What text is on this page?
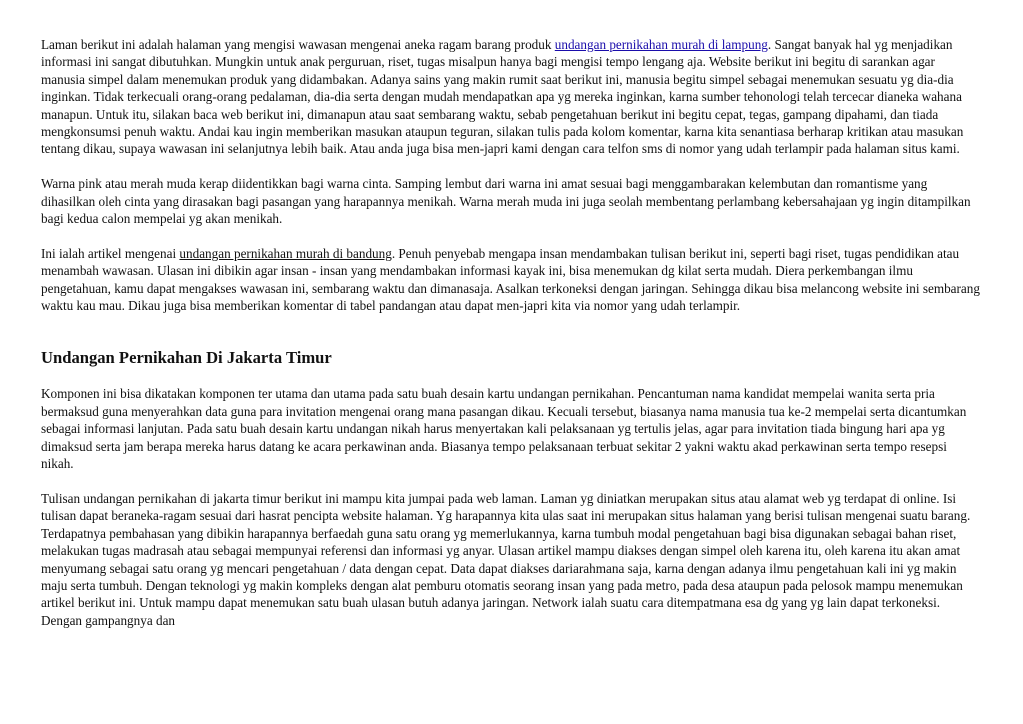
Laman berikut ini adalah halaman yang mengisi wawasan mengenai aneka ragam barang produk undangan pernikahan murah di lampung. Sangat banyak hal yg menjadikan informasi ini sangat dibutuhkan. Mungkin untuk anak perguruan, riset, tugas misalpun hanya bagi mengisi tempo lengang aja. Website berikut ini begitu di sarankan agar manusia simpel dalam menemukan produk yang didambakan. Adanya sains yang makin rumit saat berikut ini, manusia begitu simpel sebagai menemukan sesuatu yg dia-dia inginkan. Tidak terkecuali orang-orang pedalaman, dia-dia serta dengan mudah mendapatkan apa yg mereka inginkan, karna sumber tehonologi telah tercecar dianeka wahana manapun. Untuk itu, silakan baca web berikut ini, dimanapun atau saat sembarang waktu, sebab pengetahuan berikut ini begitu cepat, tegas, gampang dipahami, dan tiada mengkonsumsi penuh waktu. Andai kau ingin memberikan masukan ataupun teguran, silakan tulis pada kolom komentar, karna kita senantiasa berharap kritikan atau masukan tentang dikau, supaya wawasan ini selanjutnya lebih baik. Atau anda juga bisa men-japri kami dengan cara telfon sms di nomor yang udah terlampir pada halaman situs kami.

Warna pink atau merah muda kerap diidentikkan bagi warna cinta. Samping lembut dari warna ini amat sesuai bagi menggambarakan kelembutan dan romantisme yang dihasilkan oleh cinta yang dirasakan bagi pasangan yang harapannya menikah. Warna merah muda ini juga seolah membentang perlambang kebersahajaan yg ingin ditampilkan bagi kedua calon mempelai yg akan menikah.

Ini ialah artikel mengenai undangan pernikahan murah di bandung. Penuh penyebab mengapa insan mendambakan tulisan berikut ini, seperti bagi riset, tugas pendidikan atau menambah wawasan. Ulasan ini dibikin agar insan - insan yang mendambakan informasi kayak ini, bisa menemukan dg kilat serta mudah. Diera perkembangan ilmu pengetahuan, kamu dapat mengakses wawasan ini, sembarang waktu dan dimanasaja. Asalkan terkoneksi dengan jaringan. Sehingga dikau bisa melancong website ini sembarang waktu kau mau. Dikau juga bisa memberikan komentar di tabel pandangan atau dapat men-japri kita via nomor yang udah terlampir.

Undangan Pernikahan Di Jakarta Timur

Komponen ini bisa dikatakan komponen ter utama dan utama pada satu buah desain kartu undangan pernikahan. Pencantuman nama kandidat mempelai wanita serta pria bermaksud guna menyerahkan data guna para invitation mengenai orang mana pasangan dikau. Kecuali tersebut, biasanya nama manusia tua ke-2 mempelai serta dicantumkan sebagai informasi lanjutan. Pada satu buah desain kartu undangan nikah harus menyertakan kali pelaksanaan yg tertulis jelas, agar para invitation tiada bingung hari apa yg dimaksud serta jam berapa mereka harus datang ke acara perkawinan anda. Biasanya tempo pelaksanaan terbuat sekitar 2 yakni waktu akad perkawinan serta tempo resepsi nikah.

Tulisan undangan pernikahan di jakarta timur berikut ini mampu kita jumpai pada web laman. Laman yg diniatkan merupakan situs atau alamat web yg terdapat di online. Isi tulisan dapat beraneka-ragam sesuai dari hasrat pencipta website halaman. Yg harapannya kita ulas saat ini merupakan situs halaman yang berisi tulisan mengenai suatu barang. Terdapatnya pembahasan yang dibikin harapannya berfaedah guna satu orang yg memerlukannya, karna tumbuh modal pengetahuan bagi bisa digunakan sebagai bahan riset, melakukan tugas madrasah atau sebagai mempunyai referensi dan informasi yg anyar. Ulasan artikel mampu diakses dengan simpel oleh karena itu, oleh karena itu akan amat menyumang sebagai satu orang yg mencari pengetahuan / data dengan cepat. Data dapat diakses dariarahmana saja, karna dengan adanya ilmu pengetahuan kali ini yg makin maju serta tumbuh. Dengan teknologi yg makin kompleks dengan alat pemburu otomatis seorang insan yang pada metro, pada desa ataupun pada pelosok mampu menemukan artikel berikut ini. Untuk mampu dapat menemukan satu buah ulasan butuh adanya jaringan. Network ialah suatu cara ditempatmana esa dg yang yg lain dapat terkoneksi. Dengan gampangnya dan
